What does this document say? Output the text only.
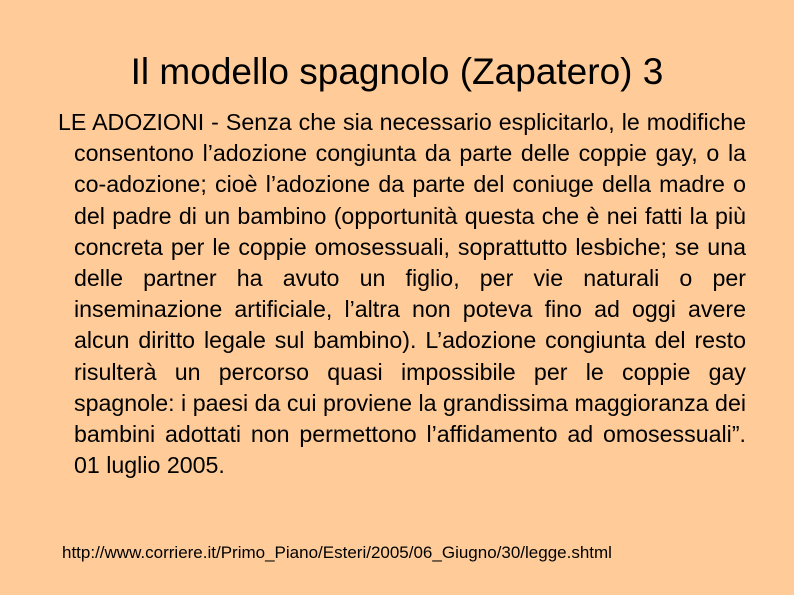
Il modello spagnolo (Zapatero) 3

LE ADOZIONI - Senza che sia necessario esplicitarlo, le modifiche consentono l’adozione congiunta da parte delle coppie gay, o la co-adozione; cioè l’adozione da parte del coniuge della madre o del padre di un bambino (opportunità questa che è nei fatti la più concreta per le coppie omosessuali, soprattutto lesbiche; se una delle partner ha avuto un figlio, per vie naturali o per inseminazione artificiale, l’altra non poteva fino ad oggi avere alcun diritto legale sul bambino). L’adozione congiunta del resto risulterà un percorso quasi impossibile per le coppie gay spagnole: i paesi da cui proviene la grandissima maggioranza dei bambini adottati non permettono l’affidamento ad omosessuali”. 01 luglio 2005.

http://www.corriere.it/Primo_Piano/Esteri/2005/06_Giugno/30/legge.shtml
